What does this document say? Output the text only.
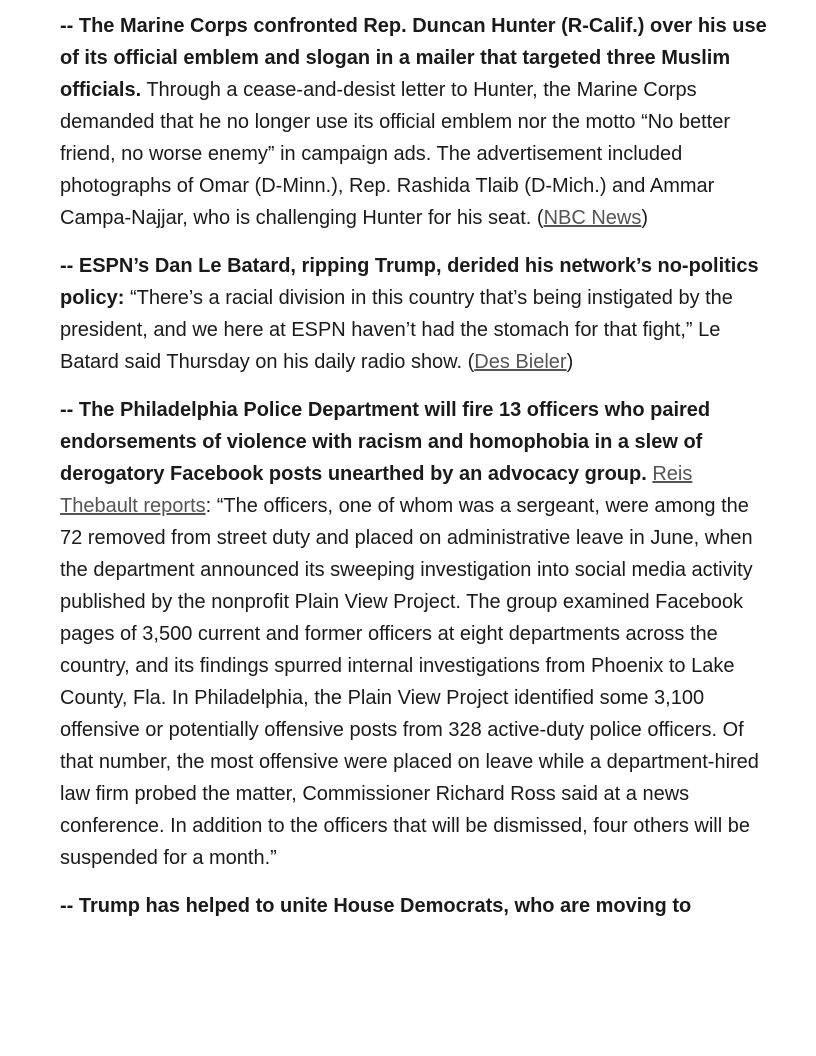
-- The Marine Corps confronted Rep. Duncan Hunter (R-Calif.) over his use of its official emblem and slogan in a mailer that targeted three Muslim officials. Through a cease-and-desist letter to Hunter, the Marine Corps demanded that he no longer use its official emblem nor the motto “No better friend, no worse enemy” in campaign ads. The advertisement included photographs of Omar (D-Minn.), Rep. Rashida Tlaib (D-Mich.) and Ammar Campa-Najjar, who is challenging Hunter for his seat. (NBC News)

-- ESPN’s Dan Le Batard, ripping Trump, derided his network’s no-politics policy: “There’s a racial division in this country that’s being instigated by the president, and we here at ESPN haven’t had the stomach for that fight,” Le Batard said Thursday on his daily radio show. (Des Bieler)

-- The Philadelphia Police Department will fire 13 officers who paired endorsements of violence with racism and homophobia in a slew of derogatory Facebook posts unearthed by an advocacy group. Reis Thebault reports: “The officers, one of whom was a sergeant, were among the 72 removed from street duty and placed on administrative leave in June, when the department announced its sweeping investigation into social media activity published by the nonprofit Plain View Project. The group examined Facebook pages of 3,500 current and former officers at eight departments across the country, and its findings spurred internal investigations from Phoenix to Lake County, Fla. In Philadelphia, the Plain View Project identified some 3,100 offensive or potentially offensive posts from 328 active-duty police officers. Of that number, the most offensive were placed on leave while a department-hired law firm probed the matter, Commissioner Richard Ross said at a news conference. In addition to the officers that will be dismissed, four others will be suspended for a month.”

-- Trump has helped to unite House Democrats, who are moving to
